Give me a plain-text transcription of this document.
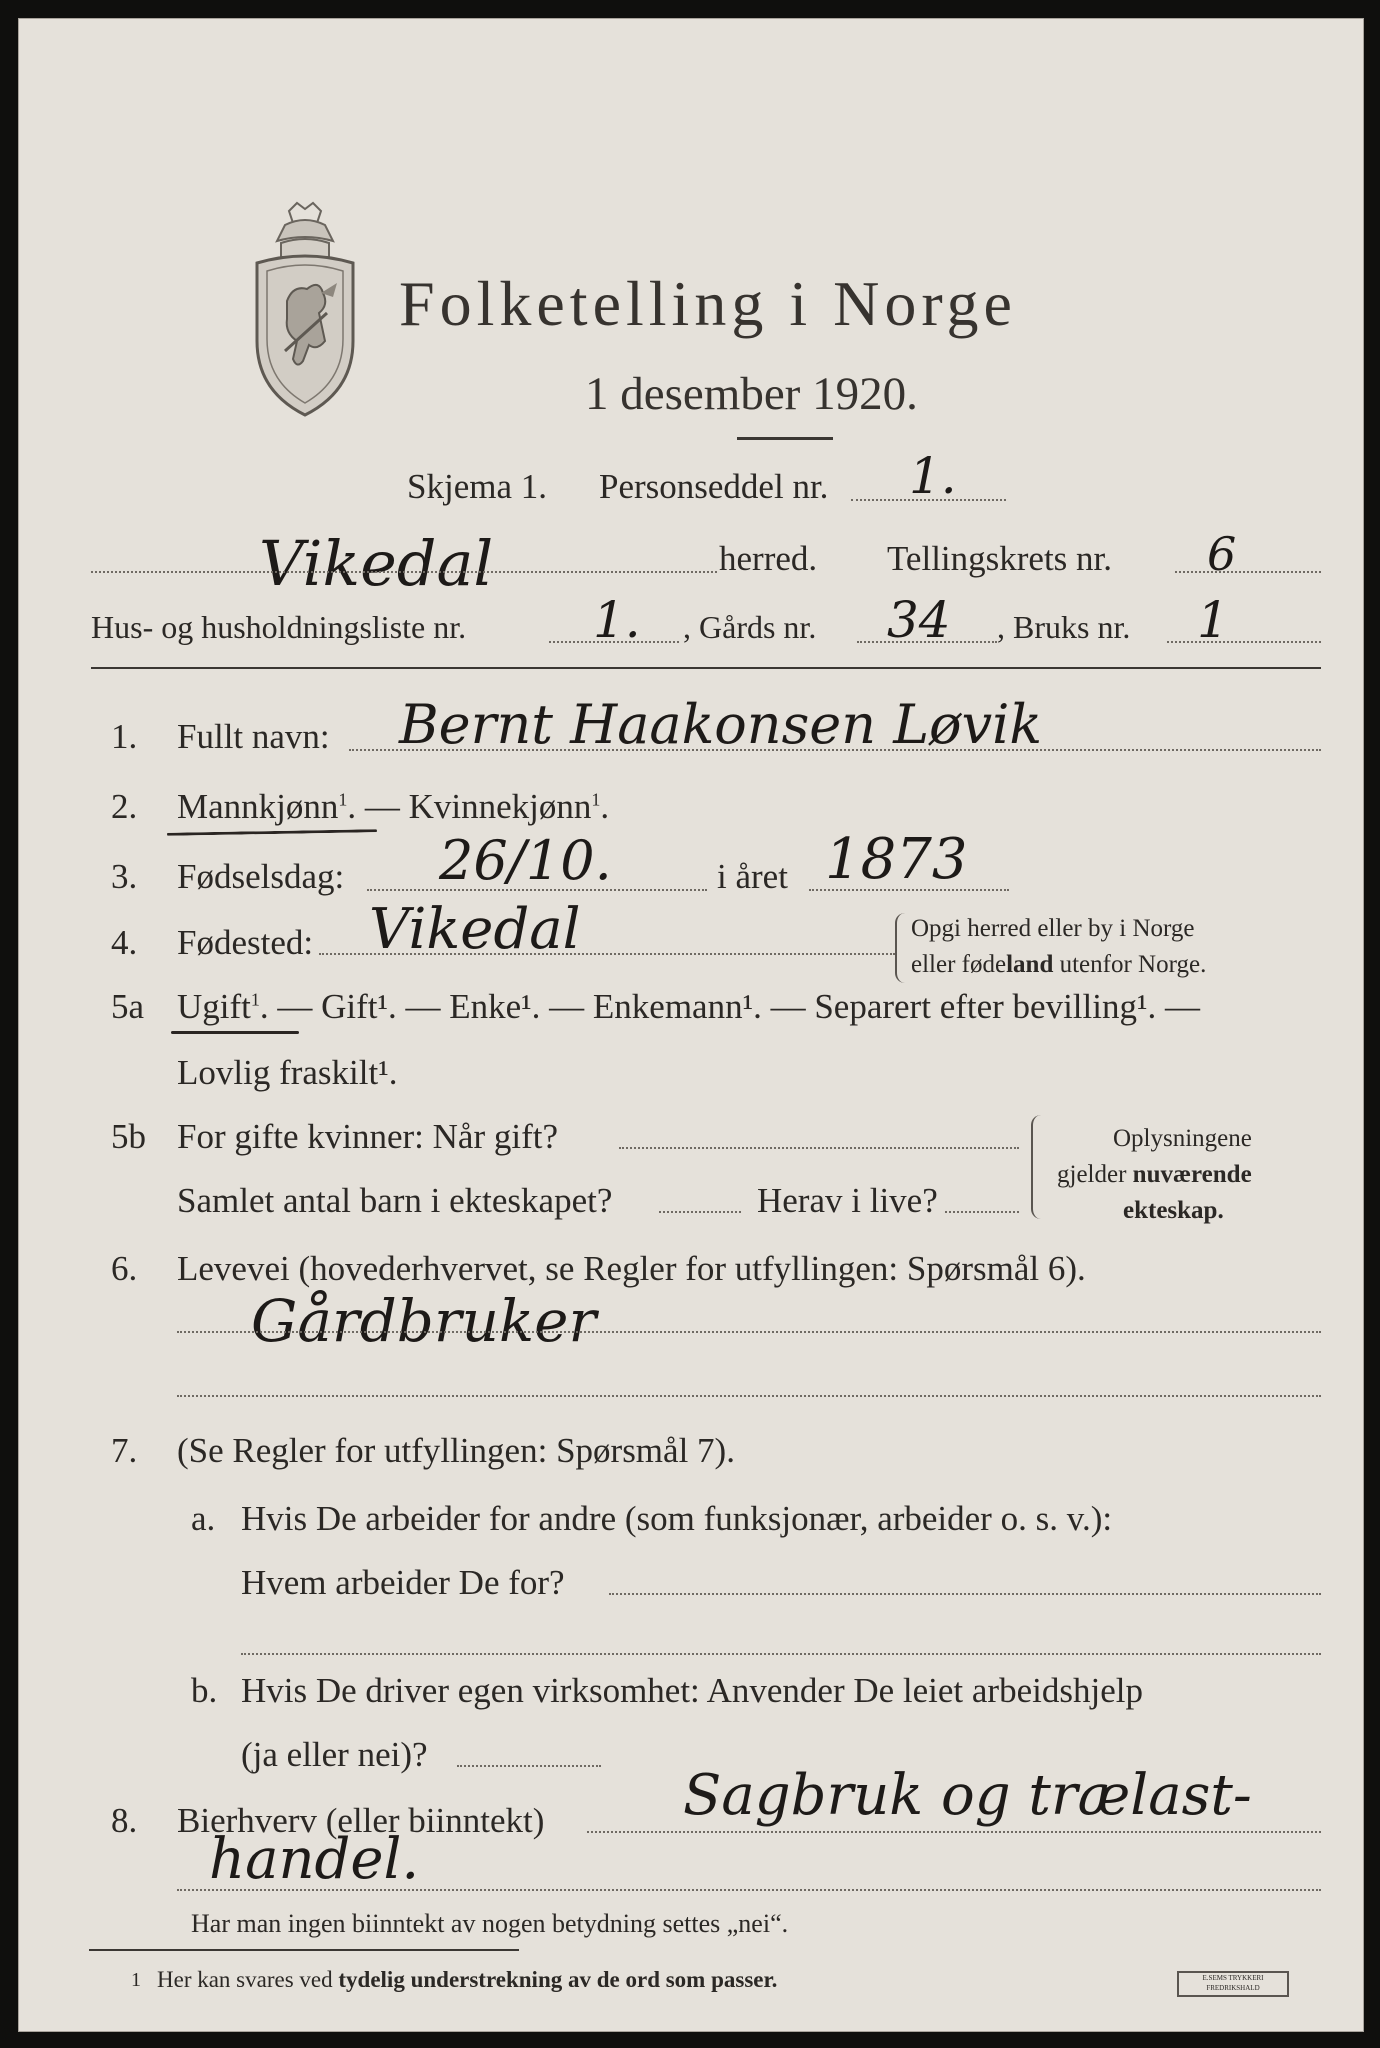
Folketelling i Norge
1 desember 1920.
Skjema 1. Personseddel nr. 1.
Vikedal	herred. Tellingskrets nr. 6
Hus- og husholdningsliste nr.	1. , Gårds nr. 34 , Bruks nr. 1
1. Fullt navn: Bernt Haakonsen Løvik
2. Mannkjønn$^1$. — Kvinnekjønn$^1$.
3. Fødselsdag: 26/10.	i året 1873
4. Fødested: Vikedal	Opgi herred eller by i Norge
eller fødeland utenfor Norge.
5a Ugift$^1$. — Gift¹. — Enke¹. — Enkemann¹. — Separert efter bevilling¹. —
Lovlig fraskilt¹.
5b For gifte kvinner: Når gift?
Samlet antal barn i ekteskapet?	Herav i live?
Oplysningene
gjelder nuværende
ekteskap.
6. Levevei (hovederhvervet, se Regler for utfyllingen: Spørsmål 6).
Gårdbruker
7. (Se Regler for utfyllingen: Spørsmål 7).
a. Hvis De arbeider for andre (som funksjonær, arbeider o. s. v.):
Hvem arbeider De for?
b. Hvis De driver egen virksomhet: Anvender De leiet arbeidshjelp
(ja eller nei)?
8. Bierhverv (eller biinntekt) Sagbruk og trælast-
handel.
Har man ingen biinntekt av nogen betydning settes „nei“.
1 Her kan svares ved tydelig understrekning av de ord som passer.	E.SEMS TRYKKERI FREDRIKSHALD
